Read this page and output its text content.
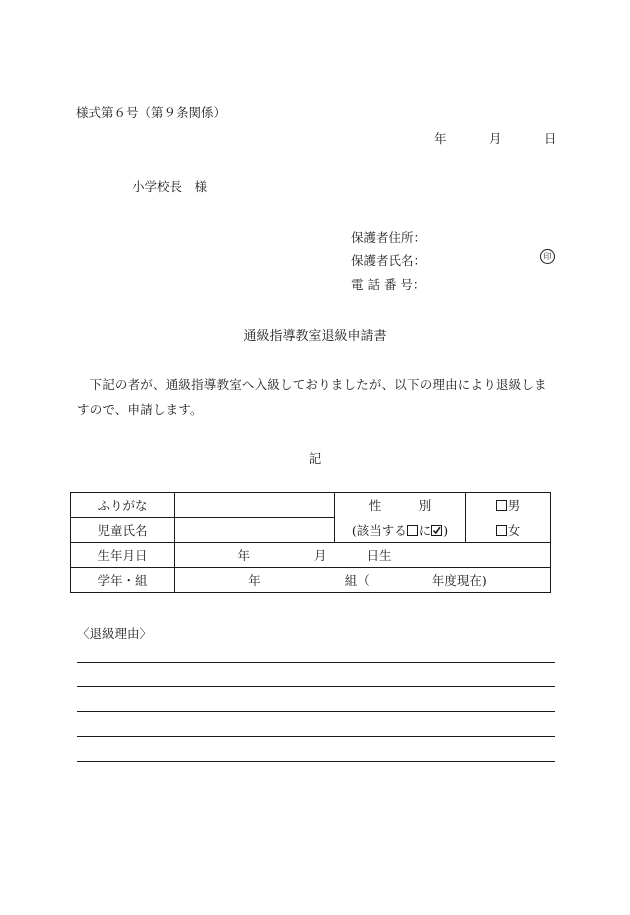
様式第６号（第９条関係）
年	月	日
小学校長　様
保護者住所：
保護者氏名：	印
電 話 番 号：
通級指導教室退級申請書
下記の者が、通級指導教室へ入級しておりましたが、以下の理由により退級しますので、申請します。
記
ふりがな		性　　　別	男
児童氏名		(該当する に )	女
生年月日	年 月 日生		
学年・組	年 組（ 年度現在)		
〈退級理由〉
